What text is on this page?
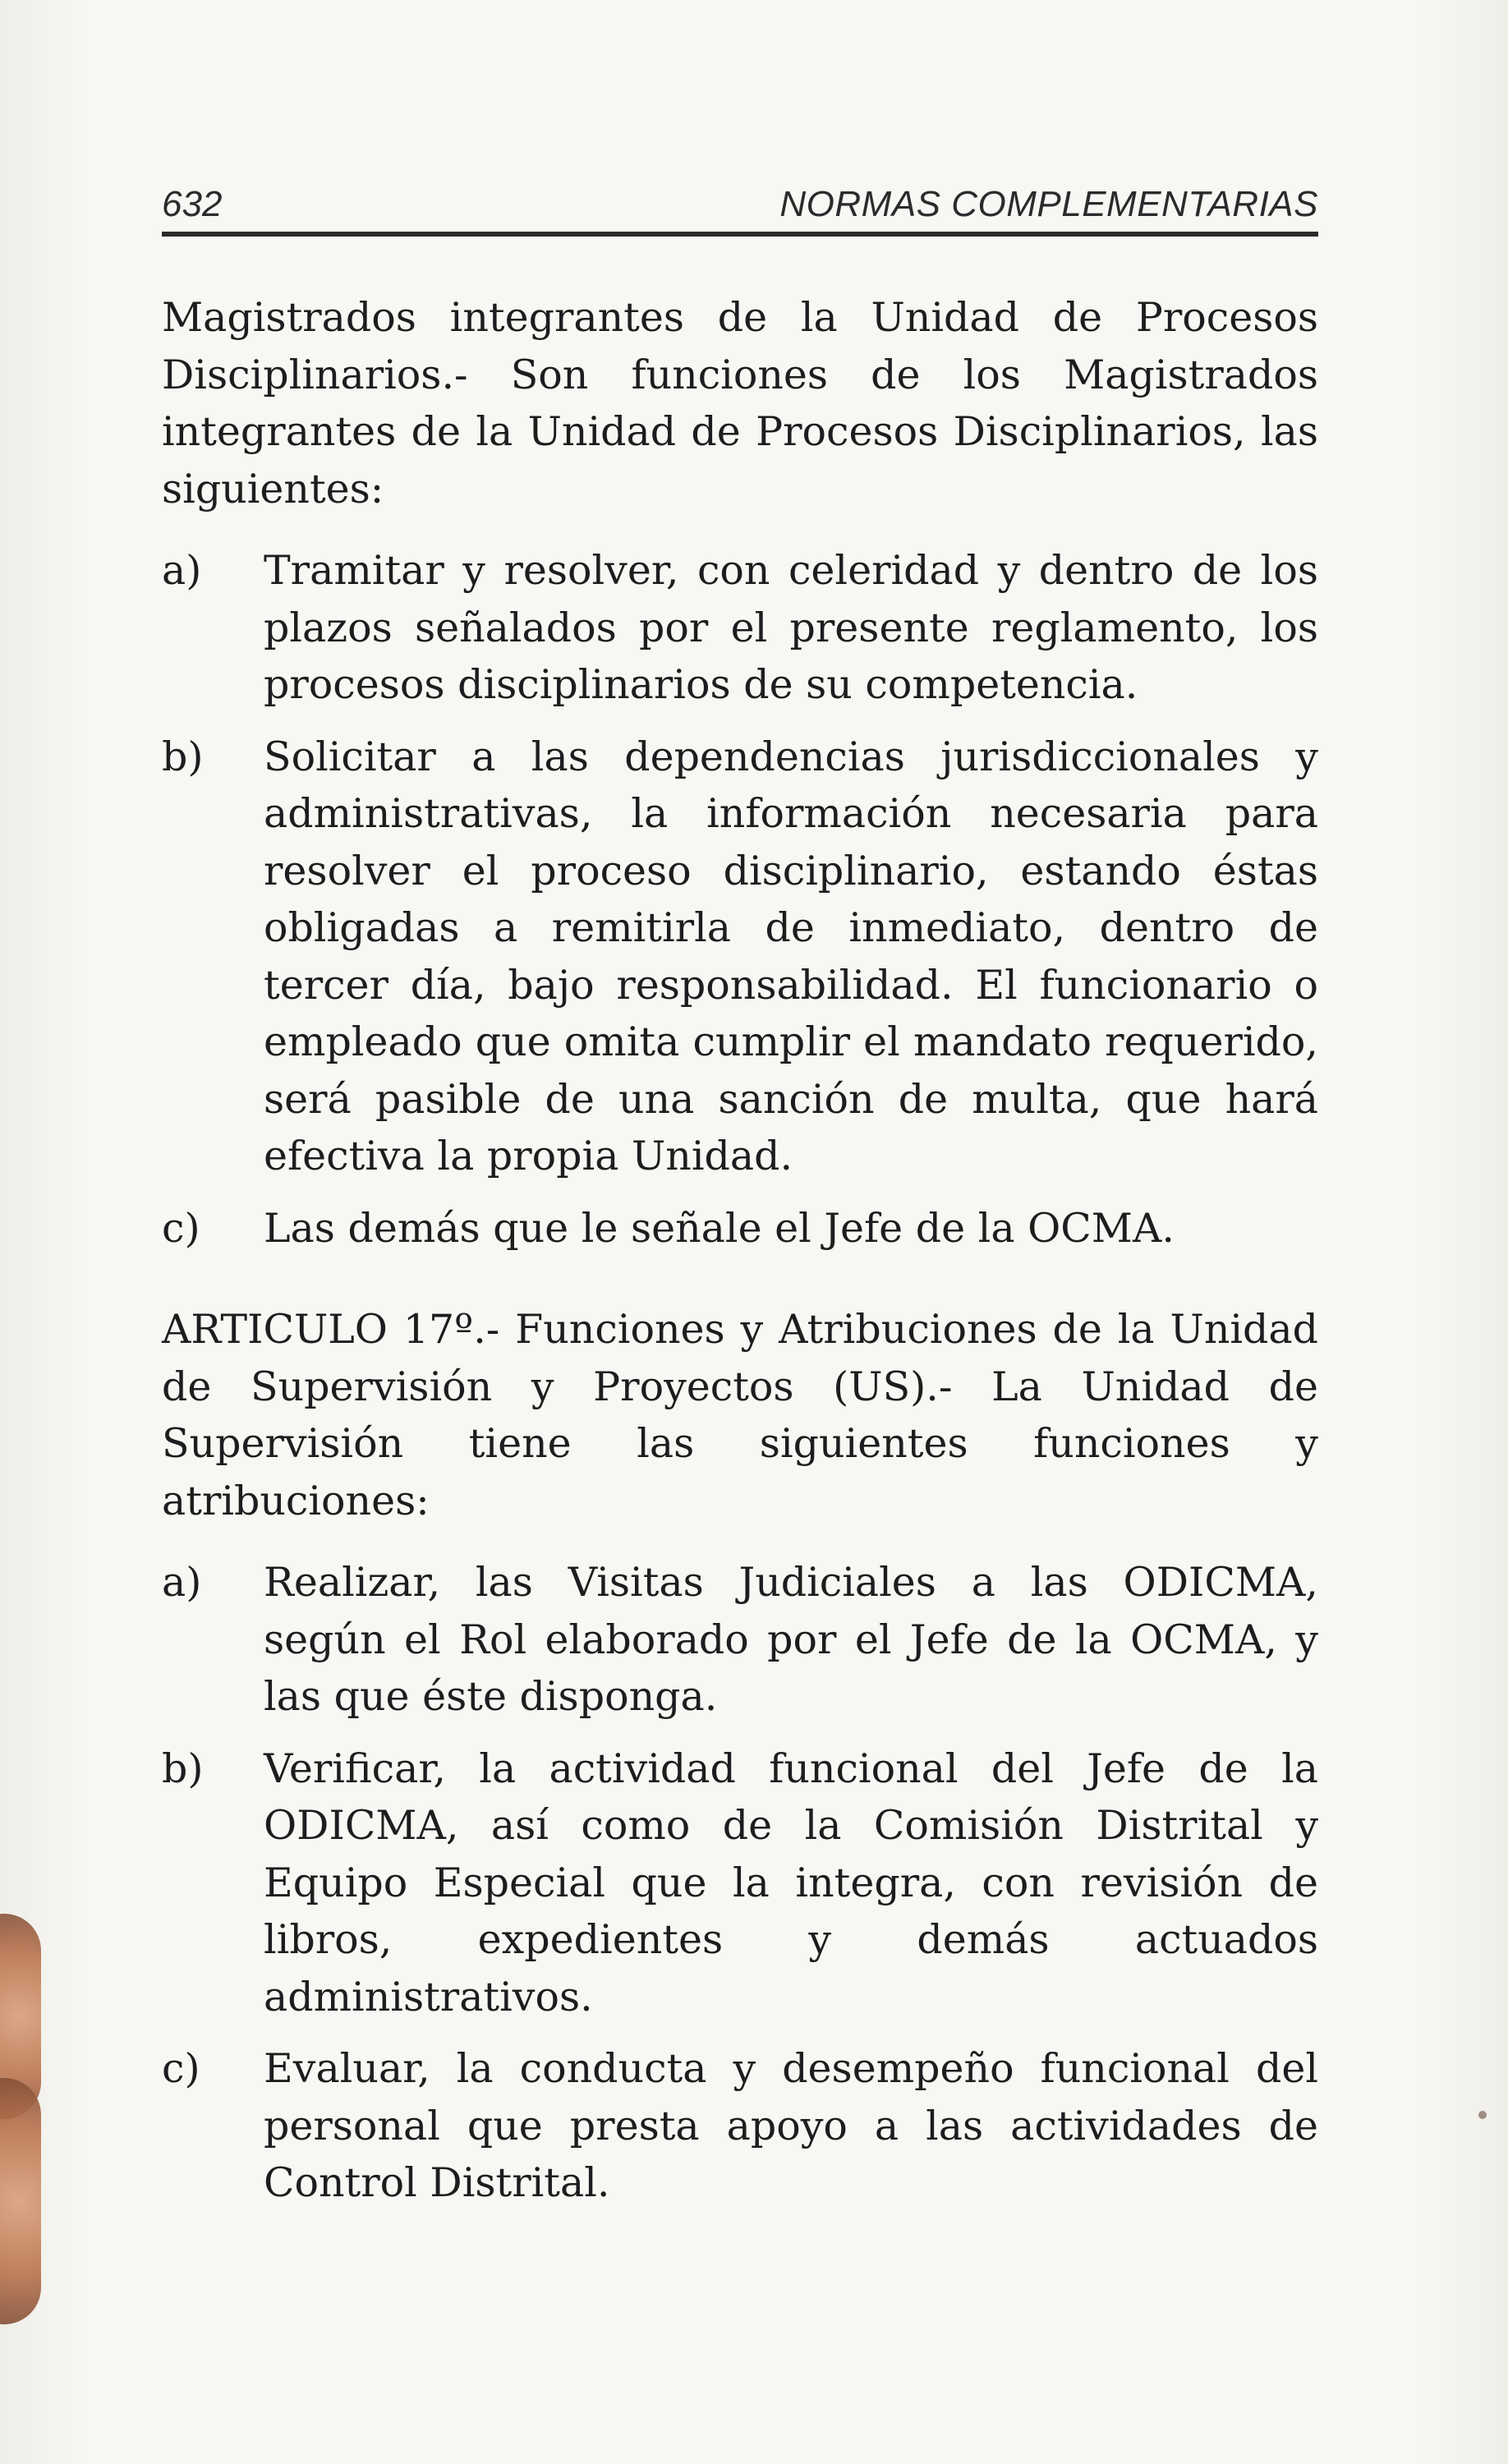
632	NORMAS COMPLEMENTARIAS

Magistrados integrantes de la Unidad de Procesos Disciplinarios.- Son funciones de los Magistrados integrantes de la Unidad de Procesos Disciplinarios, las siguientes:

a) Tramitar y resolver, con celeridad y dentro de los plazos señalados por el presente reglamento, los procesos disciplinarios de su competencia.
b) Solicitar a las dependencias jurisdiccionales y administrativas, la información necesaria para resolver el proceso disciplinario, estando éstas obligadas a remitirla de inmediato, dentro de tercer día, bajo responsabilidad. El funcionario o empleado que omita cumplir el mandato requerido, será pasible de una sanción de multa, que hará efectiva la propia Unidad.
c) Las demás que le señale el Jefe de la OCMA.

ARTICULO 17º.- Funciones y Atribuciones de la Unidad de Supervisión y Proyectos (US).- La Unidad de Supervisión tiene las siguientes funciones y atribuciones:

a) Realizar, las Visitas Judiciales a las ODICMA, según el Rol elaborado por el Jefe de la OCMA, y las que éste disponga.
b) Verificar, la actividad funcional del Jefe de la ODICMA, así como de la Comisión Distrital y Equipo Especial que la integra, con revisión de libros, expedientes y demás actuados administrativos.
c) Evaluar, la conducta y desempeño funcional del personal que presta apoyo a las actividades de Control Distrital.
